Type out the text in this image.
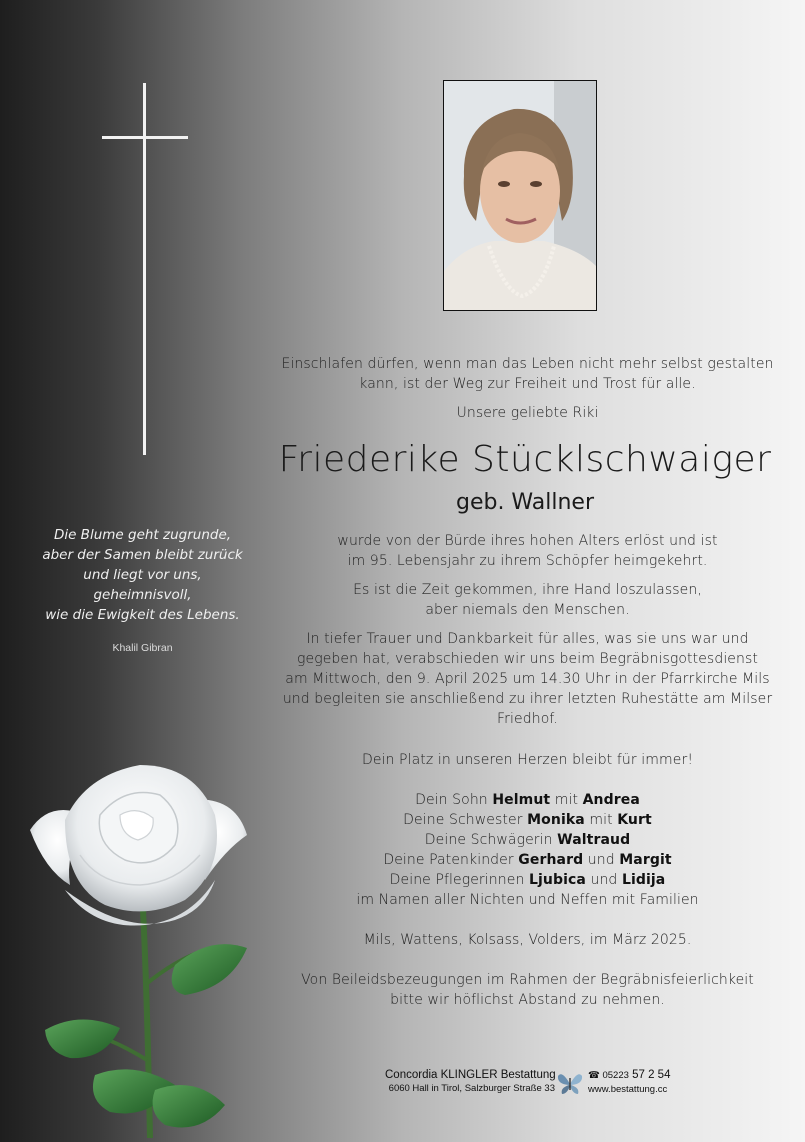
Einschlafen dürfen, wenn man das Leben nicht mehr selbst gestalten
kann, ist der Weg zur Freiheit und Trost für alle.
Unsere geliebte Riki
Friederike Stücklschwaiger
geb. Wallner
wurde von der Bürde ihres hohen Alters erlöst und ist
im 95. Lebensjahr zu ihrem Schöpfer heimgekehrt.
Es ist die Zeit gekommen, ihre Hand loszulassen,
aber niemals den Menschen.
In tiefer Trauer und Dankbarkeit für alles, was sie uns war und
gegeben hat, verabschieden wir uns beim Begräbnisgottesdienst
am Mittwoch, den 9. April 2025 um 14.30 Uhr in der Pfarrkirche Mils
und begleiten sie anschließend zu ihrer letzten Ruhestätte am Milser
Friedhof.
Dein Platz in unseren Herzen bleibt für immer!
Dein Sohn Helmut mit Andrea
Deine Schwester Monika mit Kurt
Deine Schwägerin Waltraud
Deine Patenkinder Gerhard und Margit
Deine Pflegerinnen Ljubica und Lidija
im Namen aller Nichten und Neffen mit Familien
Mils, Wattens, Kolsass, Volders, im März 2025.
Von Beileidsbezeugungen im Rahmen der Begräbnisfeierlichkeit
bitte wir höflichst Abstand zu nehmen.
Die Blume geht zugrunde,
aber der Samen bleibt zurück
und liegt vor uns,
geheimnisvoll,
wie die Ewigkeit des Lebens.
Khalil Gibran
Concordia KLINGLER Bestattung
6060 Hall in Tirol, Salzburger Straße 33
☎ 05223 57 2 54
www.bestattung.cc
